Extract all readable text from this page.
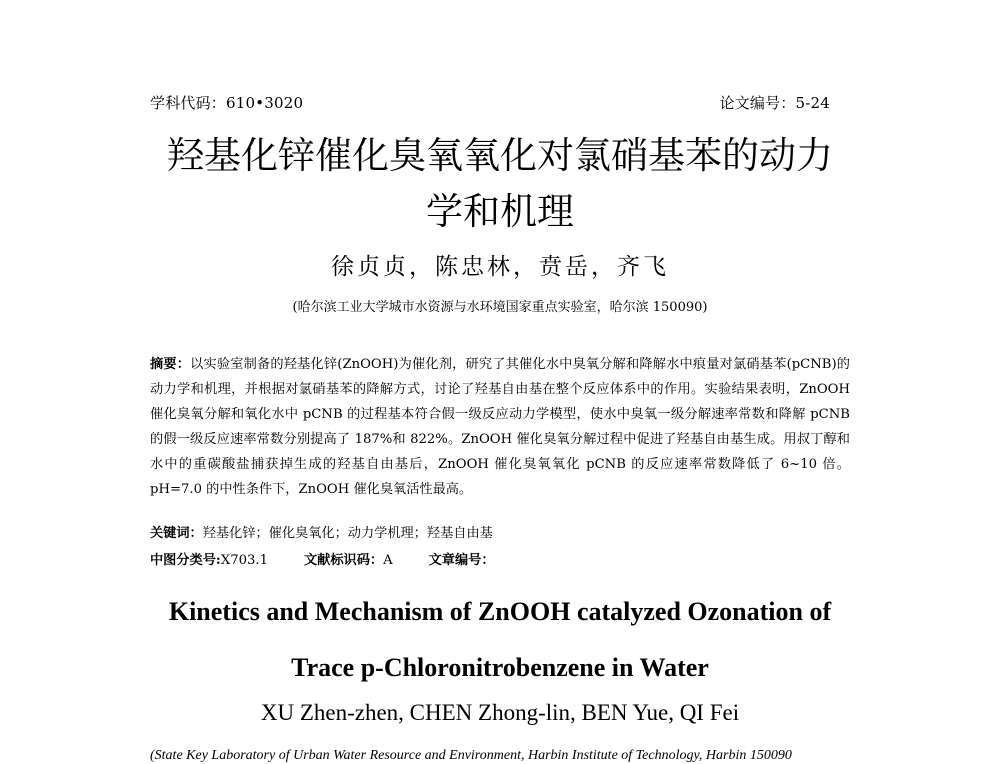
学科代码：610•3020	论文编号：5-24
羟基化锌催化臭氧氧化对氯硝基苯的动力
学和机理
徐贞贞，陈忠林，贲岳，齐飞
(哈尔滨工业大学城市水资源与水环境国家重点实验室，哈尔滨 150090)
摘要：以实验室制备的羟基化锌(ZnOOH)为催化剂，研究了其催化水中臭氧分解和降解水中痕量对氯硝基苯(pCNB)的动力学和机理，并根据对氯硝基苯的降解方式，讨论了羟基自由基在整个反应体系中的作用。实验结果表明，ZnOOH 催化臭氧分解和氧化水中 pCNB 的过程基本符合假一级反应动力学模型，使水中臭氧一级分解速率常数和降解 pCNB 的假一级反应速率常数分别提高了 187%和 822%。ZnOOH 催化臭氧分解过程中促进了羟基自由基生成。用叔丁醇和水中的重碳酸盐捕获掉生成的羟基自由基后，ZnOOH 催化臭氧氧化 pCNB 的反应速率常数降低了 6~10 倍。pH=7.0 的中性条件下，ZnOOH 催化臭氧活性最高。
关键词：羟基化锌；催化臭氧化；动力学机理；羟基自由基
中图分类号:X703.1	文献标识码：A	文章编号：
Kinetics and Mechanism of ZnOOH catalyzed Ozonation of
Trace p-Chloronitrobenzene in Water
XU Zhen-zhen, CHEN Zhong-lin, BEN Yue, QI Fei
(State Key Laboratory of Urban Water Resource and Environment, Harbin Institute of Technology, Harbin 150090
